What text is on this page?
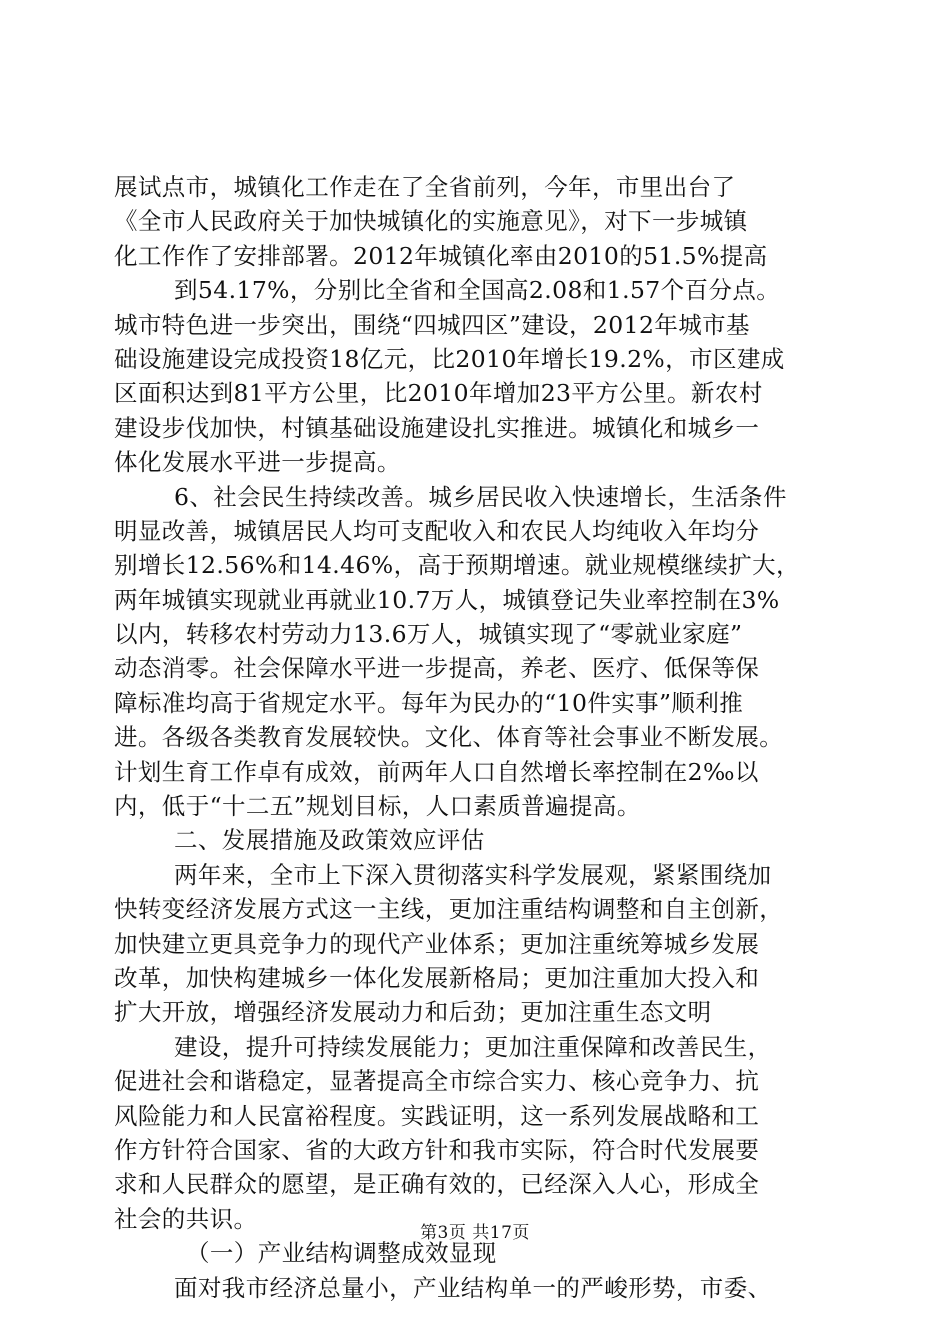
展试点市，城镇化工作走在了全省前列，今年，市里出台了
《全市人民政府关于加快城镇化的实施意见》，对下一步城镇
化工作作了安排部署。2012年城镇化率由2010的51.5%提高
到54.17%，分别比全省和全国高2.08和1.57个百分点。
城市特色进一步突出，围绕“四城四区”建设，2012年城市基
础设施建设完成投资18亿元，比2010年增长19.2%，市区建成
区面积达到81平方公里，比2010年增加23平方公里。新农村
建设步伐加快，村镇基础设施建设扎实推进。城镇化和城乡一
体化发展水平进一步提高。
6、社会民生持续改善。城乡居民收入快速增长，生活条件
明显改善，城镇居民人均可支配收入和农民人均纯收入年均分
别增长12.56%和14.46%，高于预期增速。就业规模继续扩大，
两年城镇实现就业再就业10.7万人，城镇登记失业率控制在3%
以内，转移农村劳动力13.6万人，城镇实现了“零就业家庭”
动态消零。社会保障水平进一步提高，养老、医疗、低保等保
障标准均高于省规定水平。每年为民办的“10件实事”顺利推
进。各级各类教育发展较快。文化、体育等社会事业不断发展。
计划生育工作卓有成效，前两年人口自然增长率控制在2‰以
内，低于“十二五”规划目标，人口素质普遍提高。
二、发展措施及政策效应评估
两年来，全市上下深入贯彻落实科学发展观，紧紧围绕加
快转变经济发展方式这一主线，更加注重结构调整和自主创新，
加快建立更具竞争力的现代产业体系；更加注重统筹城乡发展
改革，加快构建城乡一体化发展新格局；更加注重加大投入和
扩大开放，增强经济发展动力和后劲；更加注重生态文明
建设，提升可持续发展能力；更加注重保障和改善民生，
促进社会和谐稳定，显著提高全市综合实力、核心竞争力、抗
风险能力和人民富裕程度。实践证明，这一系列发展战略和工
作方针符合国家、省的大政方针和我市实际，符合时代发展要
求和人民群众的愿望，是正确有效的，已经深入人心，形成全
社会的共识。
（一）产业结构调整成效显现
面对我市经济总量小，产业结构单一的严峻形势，市委、
第3页 共17页
